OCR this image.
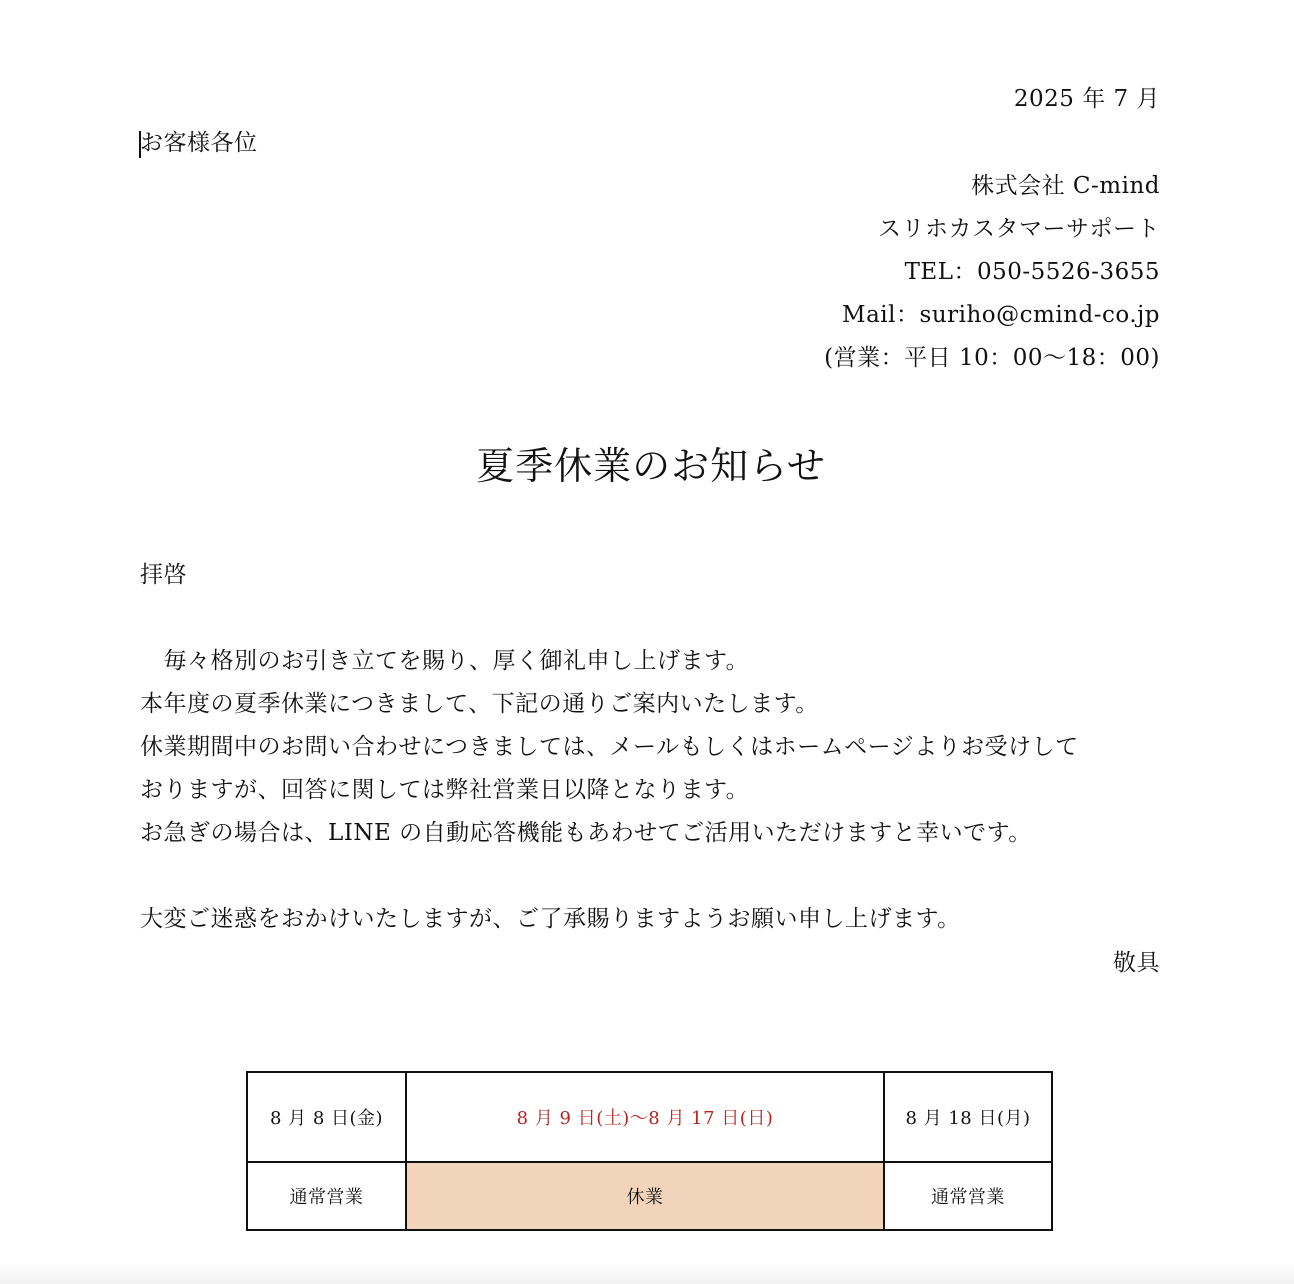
2025 年 7 月
お客様各位
株式会社 C-mind
スリホカスタマーサポート
TEL：050-5526-3655
Mail：suriho@cmind-co.jp
(営業：平日 10：00〜18：00)
夏季休業のお知らせ
拝啓
　毎々格別のお引き立てを賜り、厚く御礼申し上げます。
本年度の夏季休業につきまして、下記の通りご案内いたします。
休業期間中のお問い合わせにつきましては、メールもしくはホームページよりお受けして
おりますが、回答に関しては弊社営業日以降となります。
お急ぎの場合は、LINE の自動応答機能もあわせてご活用いただけますと幸いです。
大変ご迷惑をおかけいたしますが、ご了承賜りますようお願い申し上げます。
敬具
8 月 8 日(金)	8 月 9 日(土)〜8 月 17 日(日)	8 月 18 日(月)
通常営業	休業	通常営業
